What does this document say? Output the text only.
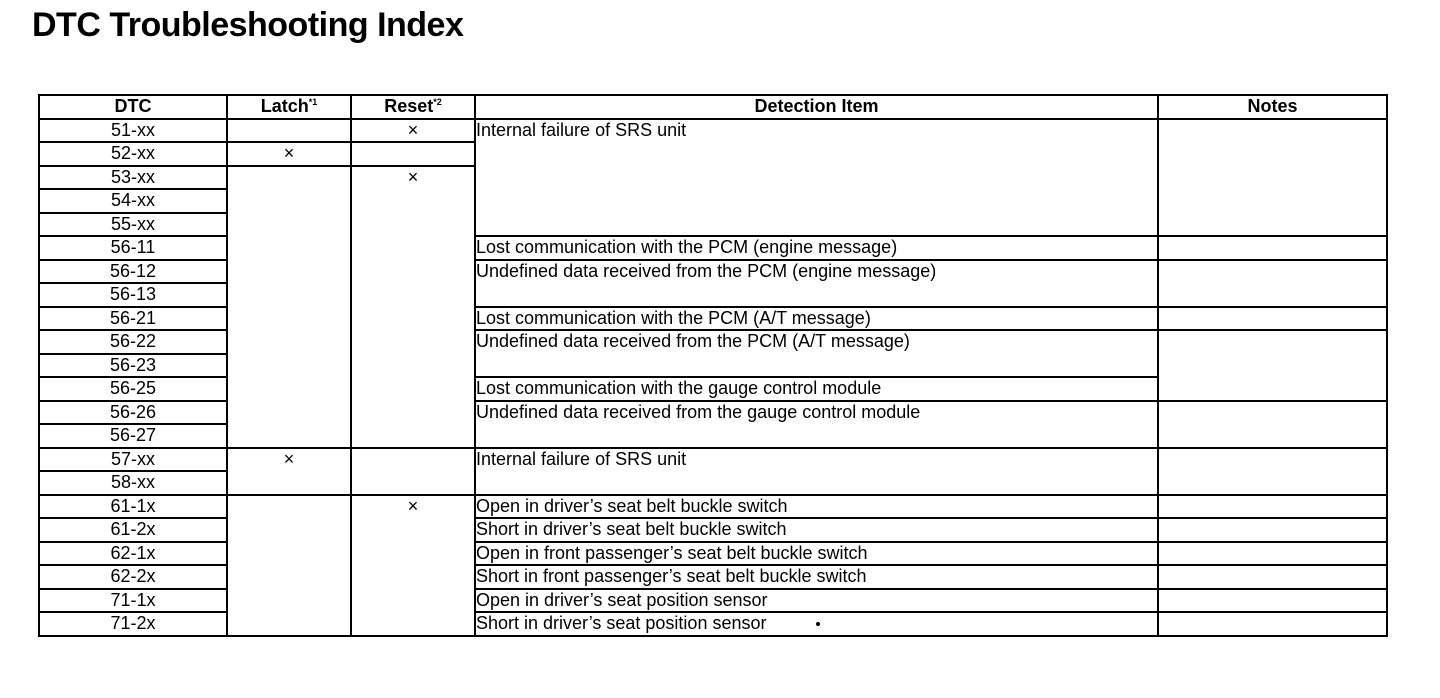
DTC Troubleshooting Index
DTC	Latch$^{*1}$	Reset$^{*2}$	Detection Item	Notes
51-xx		×	Internal failure of SRS unit	
52-xx	×			
53-xx		×		
54-xx				
55-xx				
56-11			Lost communication with the PCM (engine message)	
56-12			Undefined data received from the PCM (engine message)	
56-13				
56-21			Lost communication with the PCM (A/T message)	
56-22			Undefined data received from the PCM (A/T message)	
56-23				
56-25			Lost communication with the gauge control module	
56-26			Undefined data received from the gauge control module	
56-27				
57-xx	×		Internal failure of SRS unit	
58-xx				
61-1x		×	Open in driver’s seat belt buckle switch	
61-2x			Short in driver’s seat belt buckle switch	
62-1x			Open in front passenger’s seat belt buckle switch	
62-2x			Short in front passenger’s seat belt buckle switch	
71-1x			Open in driver’s seat position sensor	
71-2x			Short in driver’s seat position sensor	
